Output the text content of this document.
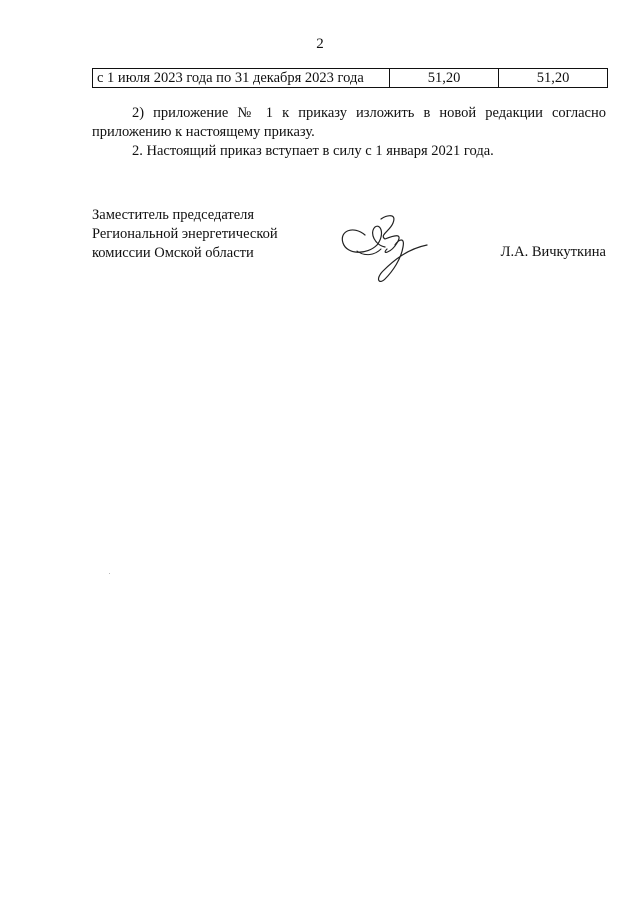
2
с 1 июля 2023 года по 31 декабря 2023 года	51,20	51,20
2) приложение № 1 к приказу изложить в новой редакции согласно приложению к настоящему приказу.
2. Настоящий приказ вступает в силу с 1 января 2021 года.
Заместитель председателя
Региональной энергетической
комиссии Омской области	Л.А. Вичкуткина
